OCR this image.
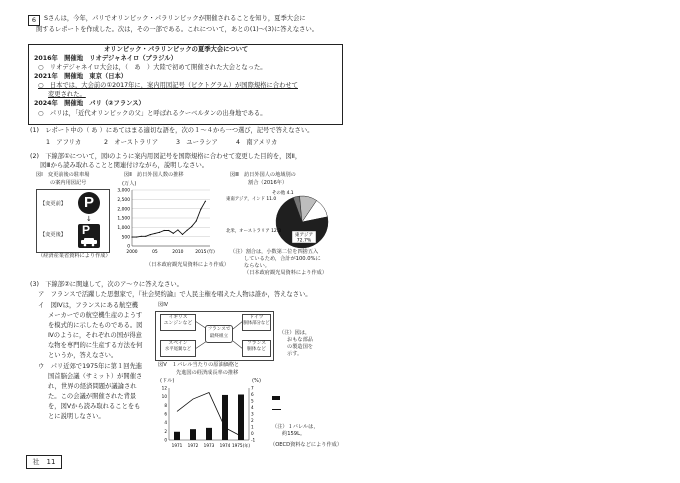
6	Sさんは，今年，パリでオリンピック・パラリンピックが開催されることを知り，夏季大会に
関するレポートを作成した。次は，その一部である。これについて，あとの(1)～(3)に答えなさい。
オリンピック・パラリンピックの夏季大会について
2016年　開催地　リオデジャネイロ（ブラジル）
○　リオデジャネイロ大会は，（　あ　）大陸で初めて開催された大会となった。
2021年　開催地　東京（日本）
○　日本では，大会前の①2017年に，案内用図記号（ピクトグラム）が国際規格に合わせて
変更された。
2024年　開催地　パリ（②フランス）
○　パリは，「近代オリンピックの父」と呼ばれるクーベルタンの出身地である。
(1)　レポート中の（ あ ）にあてはまる適切な語を，次の１～４から一つ選び，記号で答えなさい。
1　アフリカ	2　オーストラリア	3　ユーラシア	4　南アメリカ
(2)　下線部①について，図Ⅰのように案内用図記号を国際規格に合わせて変更した目的を，図Ⅱ，
図Ⅲから読み取れることと関連付けながら，説明しなさい。
図Ⅰ　変更前後の駐車場
の案内用図記号
【変更前】	P
↓
【変更後】 P
（経済産業省資料により作成）
図Ⅱ　訪日外国人数の推移
(万人)
0
500
1,000
1,500
2,000
2,500
3,000
2000	05	2010	2015 (年)
（日本政府観光局資料により作成）
図Ⅲ　訪日外国人の地域別の
割合（2016年）
東アジア
72.7%
その他 4.1
東南アジア，インド 11.0
北米，オーストラリア 12.3
（注）割合は，小数第二位を四捨五入
しているため，合計が100.0%に
ならない。
（日本政府観光局資料により作成）
(3)　下線部②に関連して，次のア～ウに答えなさい。
ア　フランスで活躍した思想家で，『社会契約論』で人民主権を唱えた人物は誰か，答えなさい。
イ　図Ⅳは，フランスにある航空機
メーカーでの航空機生産のようす
を模式的に示したものである。図
Ⅳのように，それぞれの国が得意
な物を専門的に生産する方法を何
というか，答えなさい。
図Ⅳ
イギリス
エンジンなど
ドイツ
胴体部分など
スペイン
水平尾翼など
フランス
胴体など
フランスで
最終組立
（注）図は，
おもな部品
の製造国を
示す。
ウ　パリ近郊で1975年に第１回先進
国首脳会議（サミット）が開催さ
れ，世界の経済問題が議論され
た。この会議が開催された背景
を，図Ⅴから読み取れることをも
とに説明しなさい。
図Ⅴ　１バレル当たりの原油価格と
先進国の経済成長率の推移
(ドル)	(%)
0
2
4
6
8
10
12
-1
0
1
2
3
4
5
6
7
1971 1972 1973 1974 1975(年)
（注）１バレルは，
約159L。
（OECD資料などにより作成）
社　11
